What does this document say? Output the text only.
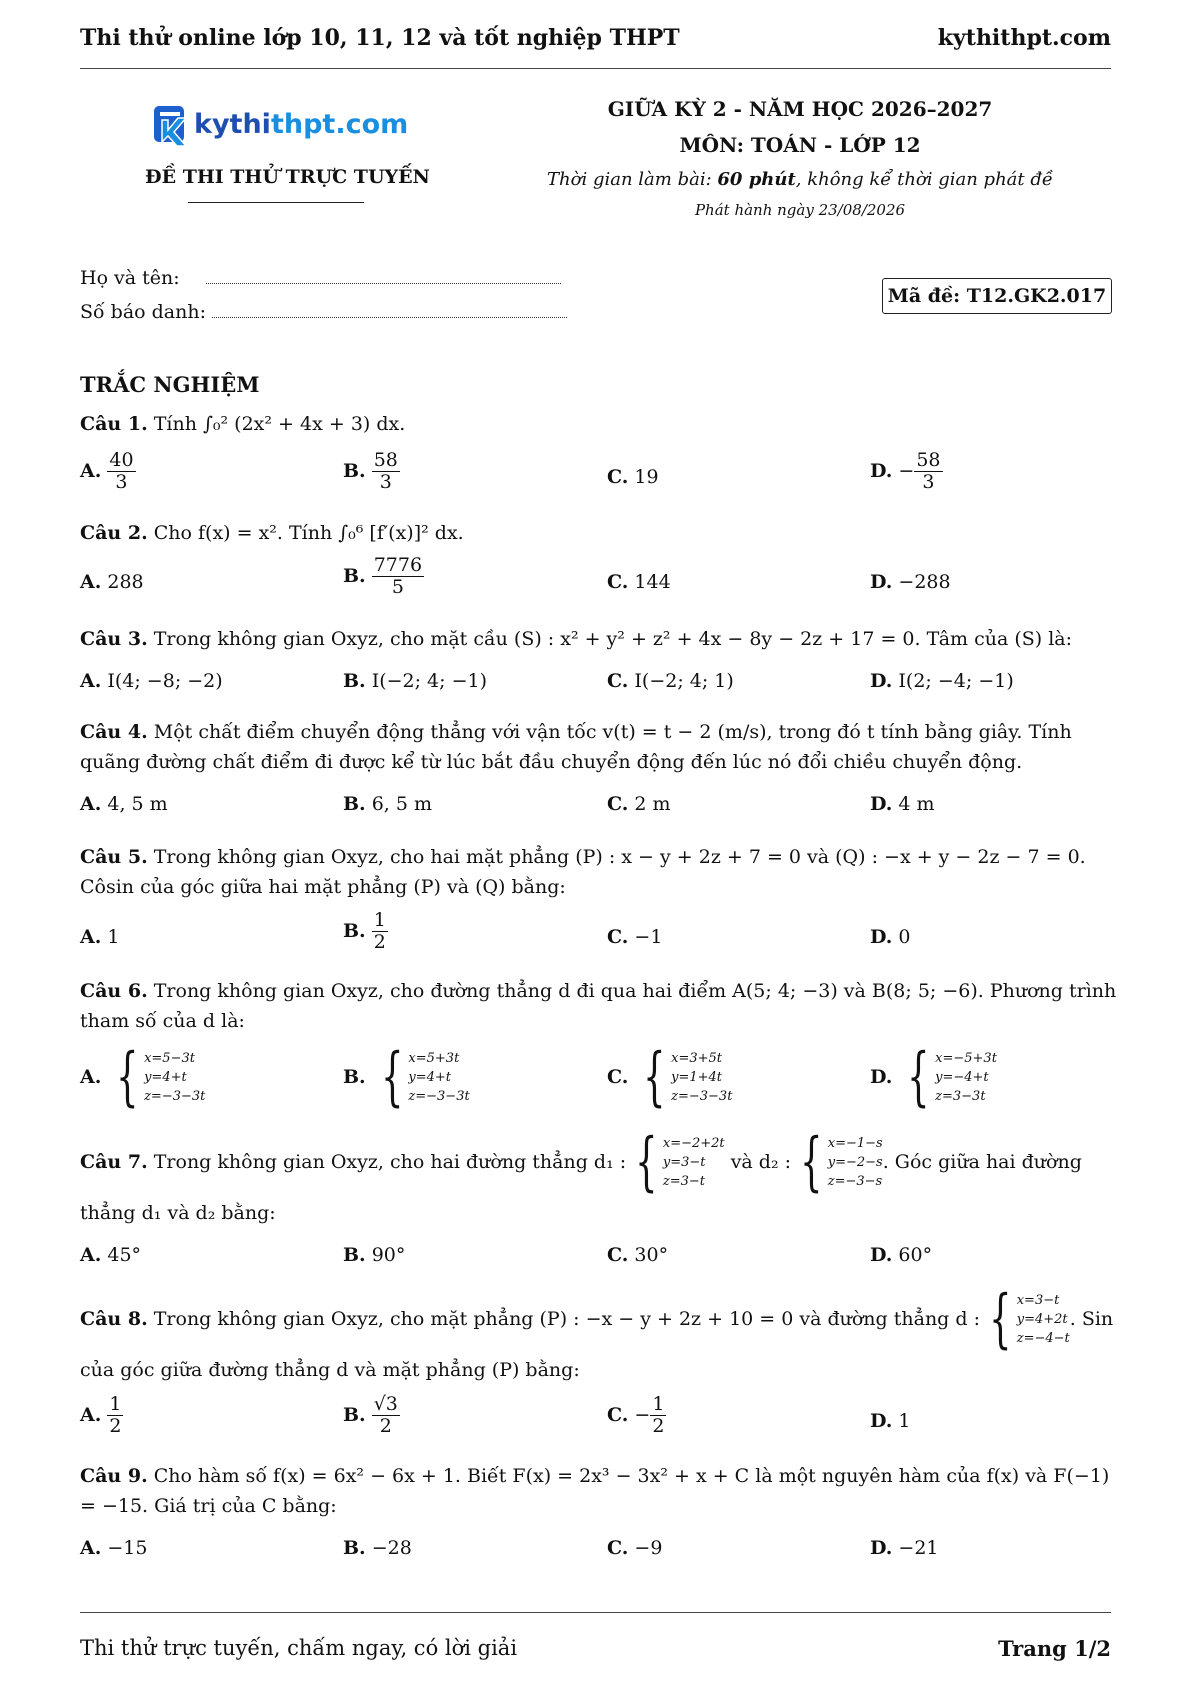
Thi thử online lớp 10, 11, 12 và tốt nghiệp THPT	kythithpt.com
kythi thpt.com
ĐỀ THI THỬ TRỰC TUYẾN
GIỮA KỲ 2 - NĂM HỌC 2026–2027
MÔN: TOÁN - LỚP 12
Thời gian làm bài: 60 phút, không kể thời gian phát đề
Phát hành ngày 23/08/2026
Họ và tên:
Số báo danh:
Mã đề: T12.GK2.017
TRẮC NGHIỆM
Câu 1. Tính ∫₀² (2x² + 4x + 3) dx.
A. $\frac{40}{3}$	B. $\frac{58}{3}$	C. 19	D. − $\frac{58}{3}$
Câu 2. Cho f(x) = x². Tính ∫₀⁶ [f′(x)]² dx.
A. 288	B. $\frac{7776}{5}$	C. 144	D. −288
Câu 3. Trong không gian Oxyz, cho mặt cầu (S) : x² + y² + z² + 4x − 8y − 2z + 17 = 0. Tâm của (S) là:
A. I(4; −8; −2)	B. I(−2; 4; −1)	C. I(−2; 4; 1)	D. I(2; −4; −1)
Câu 4. Một chất điểm chuyển động thẳng với vận tốc v(t) = t − 2 (m/s), trong đó t tính bằng giây. Tính quãng đường chất điểm đi được kể từ lúc bắt đầu chuyển động đến lúc nó đổi chiều chuyển động.
A. 4, 5 m	B. 6, 5 m	C. 2 m	D. 4 m
Câu 5. Trong không gian Oxyz, cho hai mặt phẳng (P) : x − y + 2z + 7 = 0 và (Q) : −x + y − 2z − 7 = 0. Côsin của góc giữa hai mặt phẳng (P) và (Q) bằng:
A. 1	B. $\frac{1}{2}$	C. −1	D. 0
Câu 6. Trong không gian Oxyz, cho đường thẳng d đi qua hai điểm A(5; 4; −3) và B(8; 5; −6). Phương trình tham số của d là:
A. { x=5−3t
y=4+t
z=−3−3t
B. { x=5+3t
y=4+t
z=−3−3t
C. { x=3+5t
y=1+4t
z=−3−3t
D. { x=−5+3t
y=−4+t
z=3−3t
Câu 7.
Trong không gian Oxyz, cho hai đường thẳng d₁ : { x=−2+2t
y=3−t
z=3−t

và d₂ : { x=−1−s
y=−2−s
z=−3−s
. Góc giữa hai đường
thẳng d₁ và d₂ bằng:
A. 45°	B. 90°	C. 30°	D. 60°
Câu 8.
Trong không gian Oxyz, cho mặt phẳng (P) : −x − y + 2z + 10 = 0 và đường thẳng d : { x=3−t
y=4+2t
z=−4−t
. Sin
của góc giữa đường thẳng d và mặt phẳng (P) bằng:
A. $\frac{1}{2}$	B. $\frac{√3}{2}$	C. − $\frac{1}{2}$	D. 1
Câu 9. Cho hàm số f(x) = 6x² − 6x + 1. Biết F(x) = 2x³ − 3x² + x + C là một nguyên hàm của f(x) và F(−1) = −15. Giá trị của C bằng:
A. −15	B. −28	C. −9	D. −21
Thi thử trực tuyến, chấm ngay, có lời giải	Trang 1/2
